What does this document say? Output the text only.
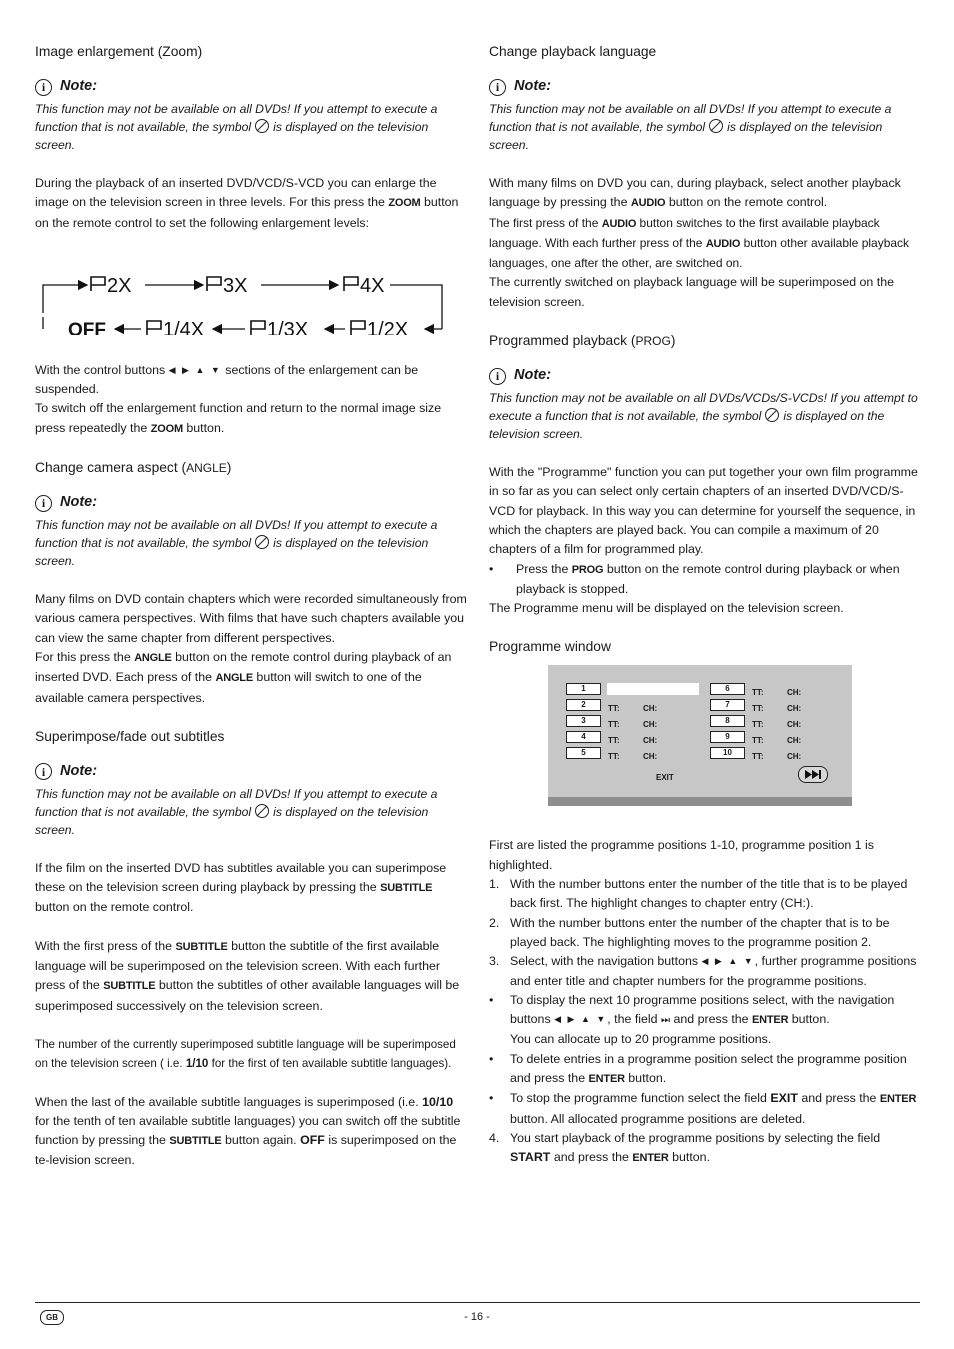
Image enlargement (Zoom)
i	Note:

This function may not be available on all DVDs! If you attempt to execute a function that is not available, the symbol is displayed on the television screen.

During the playback of an inserted DVD/VCD/S-VCD you can enlarge the image on the television screen in three levels. For this press the ZOOM button on the remote control to set the following enlargement levels:

2X	3X	4X
OFF	1/4X	1/3X	1/2X

With the control buttons ◀ ▶ ▲ ▼ sections of the enlargement can be suspended.

To switch off the enlargement function and return to the normal image size press repeatedly the ZOOM button.

Change camera aspect (ANGLE)
i	Note:

This function may not be available on all DVDs! If you attempt to execute a function that is not available, the symbol is displayed on the television screen.

Many films on DVD contain chapters which were recorded simultaneously from various camera perspectives. With films that have such chapters available you can view the same chapter from different perspectives.

For this press the ANGLE button on the remote control during playback of an inserted DVD. Each press of the ANGLE button will switch to one of the available camera perspectives.

Superimpose/fade out subtitles
i	Note:

This function may not be available on all DVDs! If you attempt to execute a function that is not available, the symbol is displayed on the television screen.

If the film on the inserted DVD has subtitles available you can superimpose these on the television screen during playback by pressing the SUBTITLE button on the remote control.

With the first press of the SUBTITLE button the subtitle of the first available language will be superimposed on the television screen. With each further press of the SUBTITLE button the subtitles of other available languages will be superimposed successively on the television screen.

The number of the currently superimposed subtitle language will be superimposed on the television screen ( i.e. 1/10 for the first of ten available subtitle languages).

When the last of the available subtitle languages is superimposed (i.e. 10/10 for the tenth of ten available subtitle languages) you can switch off the subtitle function by pressing the SUBTITLE button again. OFF is superimposed on the te-levision screen.

Change playback language
i	Note:

This function may not be available on all DVDs! If you attempt to execute a function that is not available, the symbol is displayed on the television screen.

With many films on DVD you can, during playback, select another playback language by pressing the AUDIO button on the remote control.

The first press of the AUDIO button switches to the first available playback language. With each further press of the AUDIO button other available playback languages, one after the other, are switched on.

The currently switched on playback language will be superimposed on the television screen.

Programmed playback (PROG)
i	Note:

This function may not be available on all DVDs/VCDs/S-VCDs! If you attempt to execute a function that is not available, the symbol is displayed on the television screen.

With the "Programme" function you can put together your own film programme in so far as you can select only certain chapters of an inserted DVD/VCD/S-VCD for playback. In this way you can determine for yourself the sequence, in which the chapters are played back. You can compile a maximum of 20 chapters of a film for programmed play.

•	Press the PROG button on the remote control during playback or when playback is stopped.

The Programme menu will be displayed on the television screen.

Programme window
1
2	TT:	CH:
3	TT:	CH:
4	TT:	CH:
5	TT:	CH:
6	TT:	CH:
7	TT:	CH:
8	TT:	CH:
9	TT:	CH:
10	TT:	CH:
EXIT

First are listed the programme positions 1-10, programme position 1 is highlighted.

1. With the number buttons enter the number of the title that is to be played back first. The highlight changes to chapter entry (CH:).
2. With the number buttons enter the number of the chapter that is to be played back. The highlighting moves to the programme position 2.
3. Select, with the navigation buttons ◀ ▶ ▲ ▼, further programme positions and enter title and chapter numbers for the programme positions.
•	To display the next 10 programme positions select, with the navigation buttons ◀ ▶ ▲ ▼, the field ⏭ and press the ENTER button.
You can allocate up to 20 programme positions.
•	To delete entries in a programme position select the programme position and press the ENTER button.
•	To stop the programme function select the field EXIT and press the ENTER button. All allocated programme positions are deleted.
4. You start playback of the programme positions by selecting the field START and press the ENTER button.
GB	- 16 -
